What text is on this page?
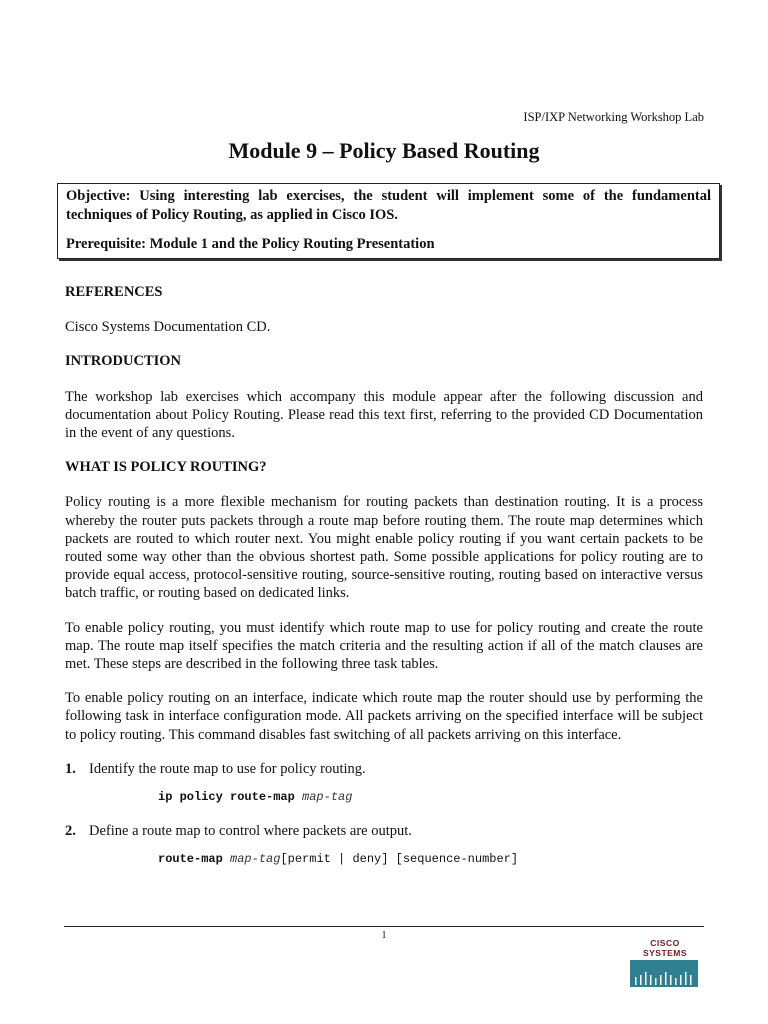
ISP/IXP Networking Workshop Lab
Module 9 – Policy Based Routing

Objective: Using interesting lab exercises, the student will implement some of the fundamental techniques of Policy Routing, as applied in Cisco IOS.

Prerequisite: Module 1 and the Policy Routing Presentation

REFERENCES

Cisco Systems Documentation CD.

INTRODUCTION

The workshop lab exercises which accompany this module appear after the following discussion and documentation about Policy Routing. Please read this text first, referring to the provided CD Documentation in the event of any questions.

WHAT IS POLICY ROUTING?

Policy routing is a more flexible mechanism for routing packets than destination routing. It is a process whereby the router puts packets through a route map before routing them. The route map determines which packets are routed to which router next. You might enable policy routing if you want certain packets to be routed some way other than the obvious shortest path. Some possible applications for policy routing are to provide equal access, protocol-sensitive routing, source-sensitive routing, routing based on interactive versus batch traffic, or routing based on dedicated links.

To enable policy routing, you must identify which route map to use for policy routing and create the route map. The route map itself specifies the match criteria and the resulting action if all of the match clauses are met. These steps are described in the following three task tables.

To enable policy routing on an interface, indicate which route map the router should use by performing the following task in interface configuration mode. All packets arriving on the specified interface will be subject to policy routing. This command disables fast switching of all packets arriving on this interface.

1. Identify the route map to use for policy routing.
ip policy route-map map-tag
2. Define a route map to control where packets are output.
route-map map-tag[permit | deny] [sequence-number]
1
CISCO SYSTEMS
